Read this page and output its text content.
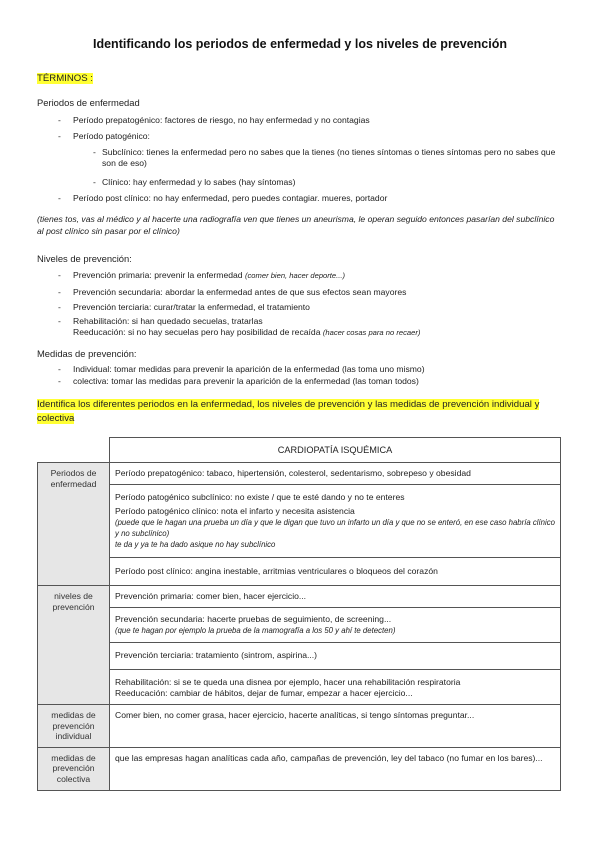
Identificando los periodos de enfermedad y los niveles de prevención
TÉRMINOS :
Periodos de enfermedad
- Período prepatogénico: factores de riesgo, no hay enfermedad y no contagias
- Período patogénico:
- Subclínico: tienes la enfermedad pero no sabes que la tienes (no tienes síntomas o tienes síntomas pero no sabes que son de eso)
- Clínico: hay enfermedad y lo sabes (hay síntomas)
- Período post clínico: no hay enfermedad, pero puedes contagiar. mueres, portador
(tienes tos, vas al médico y al hacerte una radiografía ven que tienes un aneurisma, le operan seguido entonces pasarían del subclínico al post clínico sin pasar por el clínico)
Niveles de prevención:
- Prevención primaria: prevenir la enfermedad (comer bien, hacer deporte...)
- Prevención secundaria: abordar la enfermedad antes de que sus efectos sean mayores
- Prevención terciaria: curar/tratar la enfermedad, el tratamiento
- Rehabilitación: si han quedado secuelas, tratarlas
Reeducación: si no hay secuelas pero hay posibilidad de recaída (hacer cosas para no recaer)
Medidas de prevención:
- Individual: tomar medidas para prevenir la aparición de la enfermedad (las toma uno mismo)
- colectiva: tomar las medidas para prevenir la aparición de la enfermedad (las toman todos)
Identifica los diferentes periodos en la enfermedad, los niveles de prevención y las medidas de prevención individual y colectiva
	CARDIOPATÍA ISQUÉMICA
Periodos de enfermedad	Período prepatogénico: tabaco, hipertensión, colesterol, sedentarismo, sobrepeso y obesidad

	Período patogénico subclínico: no existe / que te esté dando y no te enteres
Período patogénico clínico: nota el infarto y necesita asistencia
(puede que le hagan una prueba un día y que le digan que tuvo un infarto un día y que no se enteró, en ese caso habría clínico y no subclínico)
te da y ya te ha dado asique no hay subclínico

	Período post clínico: angina inestable, arritmias ventriculares o bloqueos del corazón
niveles de prevención	Prevención primaria: comer bien, hacer ejercicio...

	Prevención secundaria: hacerte pruebas de seguimiento, de screening...
(que te hagan por ejemplo la prueba de la mamografía a los 50 y ahí te detecten)

	Prevención terciaria: tratamiento (sintrom, aspirina...)

	Rehabilitación: si se te queda una disnea por ejemplo, hacer una rehabilitación respiratoria
Reeducación: cambiar de hábitos, dejar de fumar, empezar a hacer ejercicio...

medidas de prevención individual	Comer bien, no comer grasa, hacer ejercicio, hacerte analíticas, si tengo síntomas preguntar...
medidas de prevención colectiva	que las empresas hagan analíticas cada año, campañas de prevención, ley del tabaco (no fumar en los bares)...
